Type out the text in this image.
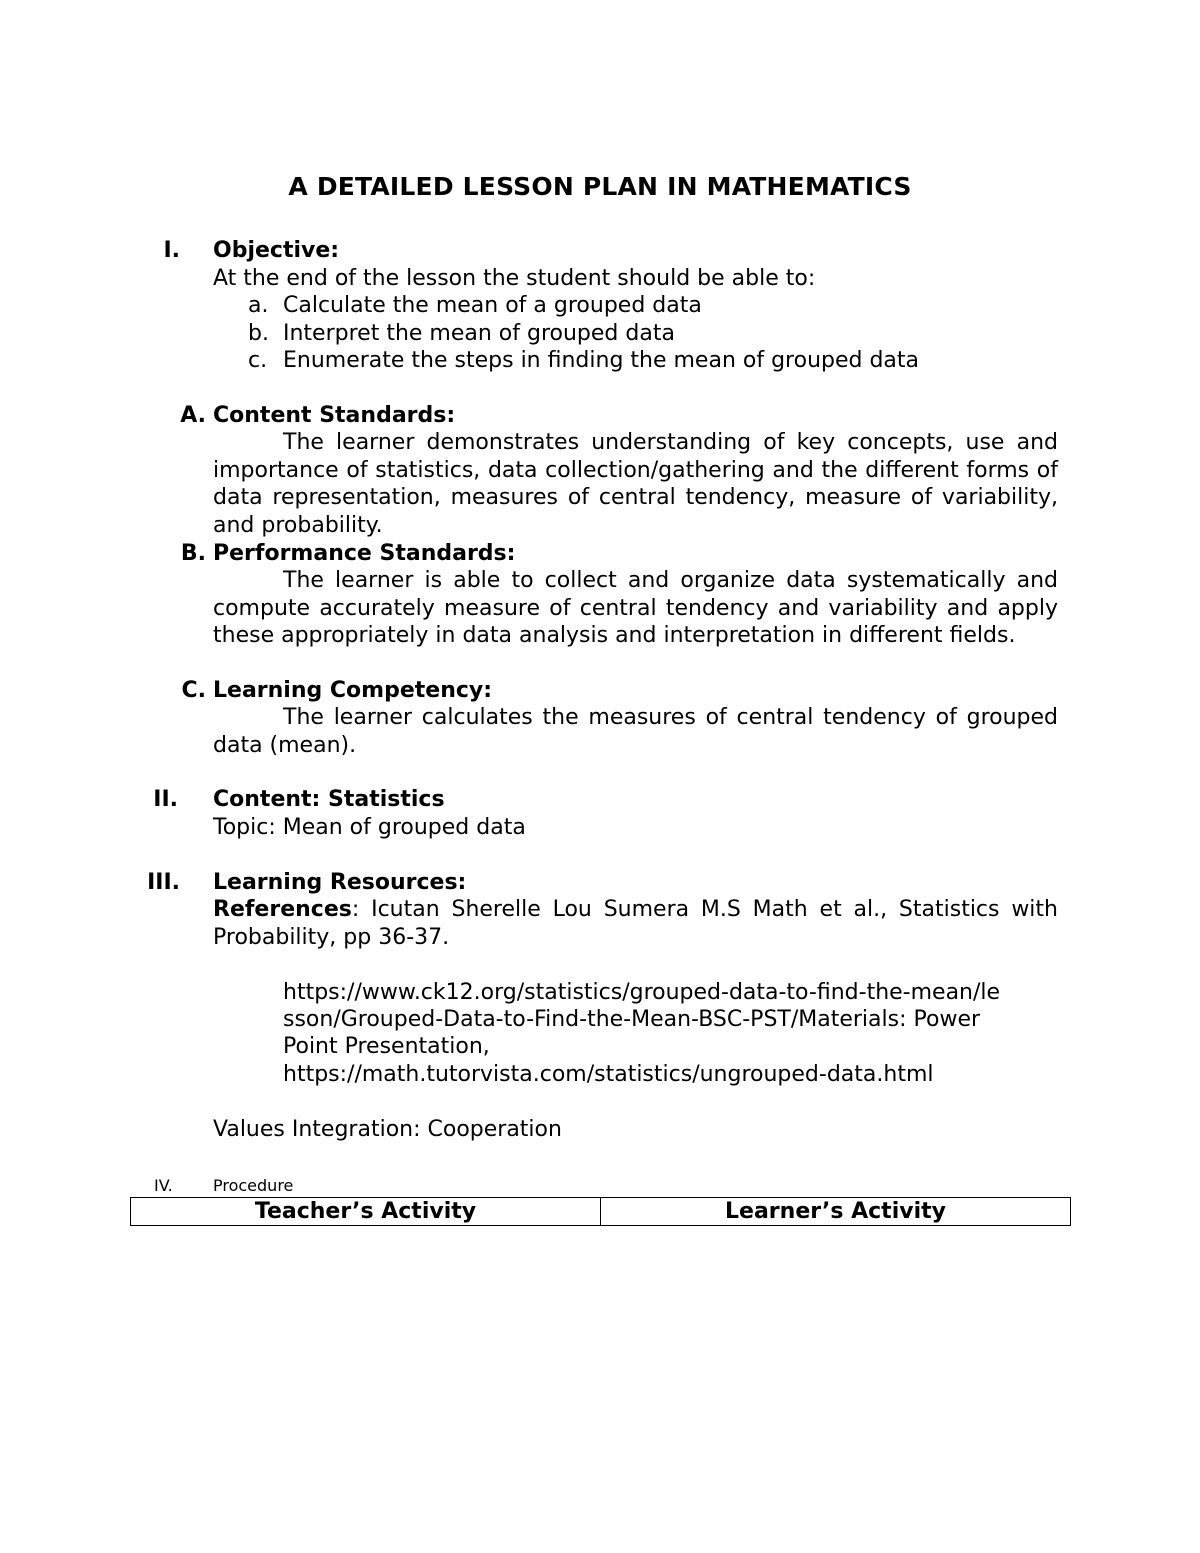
A DETAILED LESSON PLAN IN MATHEMATICS
I. Objective:
At the end of the lesson the student should be able to:
a. Calculate the mean of a grouped data
b. Interpret the mean of grouped data
c. Enumerate the steps in finding the mean of grouped data
A. Content Standards:
The learner demonstrates understanding of key concepts, use and importance of statistics, data collection/gathering and the different forms of data representation, measures of central tendency, measure of variability, and probability.
B. Performance Standards:
The learner is able to collect and organize data systematically and compute accurately measure of central tendency and variability and apply these appropriately in data analysis and interpretation in different fields.
C. Learning Competency:
The learner calculates the measures of central tendency of grouped data (mean).
II. Content: Statistics
Topic: Mean of grouped data
III. Learning Resources:
References: Icutan Sherelle Lou Sumera M.S Math et al., Statistics with Probability, pp 36-37.
https://www.ck12.org/statistics/grouped-data-to-find-the-mean/le
sson/Grouped-Data-to-Find-the-Mean-BSC-PST/Materials: Power
Point Presentation,
https://math.tutorvista.com/statistics/ungrouped-data.html
Values Integration: Cooperation
IV.	Procedure
Teacher’s Activity	Learner’s Activity
